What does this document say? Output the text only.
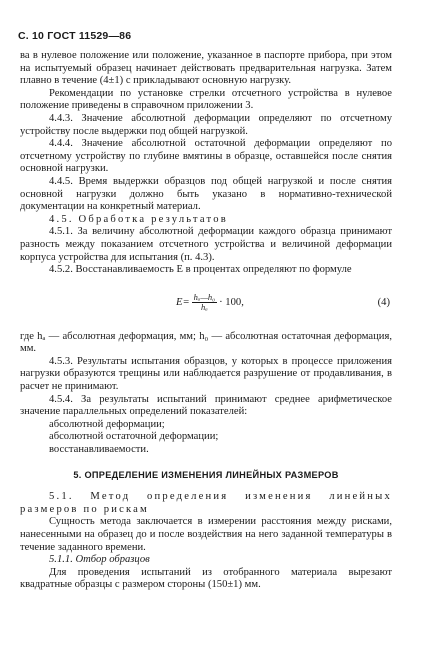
С. 10 ГОСТ 11529—86

ва в нулевое положение или положение, указанное в паспорте прибора, при этом на испытуемый образец начинает действовать предварительная нагрузка. Затем плавно в течение (4±1) с прикладывают основную нагрузку.

Рекомендации по установке стрелки отсчетного устройства в нулевое положение приведены в справочном приложении 3.

4.4.3. Значение абсолютной деформации определяют по отсчетному устройству после выдержки под общей нагрузкой.

4.4.4. Значение абсолютной остаточной деформации определяют по отсчетному устройству по глубине вмятины в образце, оставшейся после снятия основной нагрузки.

4.4.5. Время выдержки образцов под общей нагрузкой и после снятия основной нагрузки должно быть указано в нормативно-технической документации на конкретный материал.

4.5. Обработка результатов

4.5.1. За величину абсолютной деформации каждого образца принимают разность между показанием отсчетного устройства и величиной деформации корпуса устройства для испытания (п. 4.3).

4.5.2. Восстанавливаемость E в процентах определяют по формуле

$E= \frac{\text{hₐ—h₀}}{\text{hₐ}} \cdot 100$,	(4)

где hₐ — абсолютная деформация, мм; h₀ — абсолютная остаточная деформация, мм.

4.5.3. Результаты испытания образцов, у которых в процессе приложения нагрузки образуются трещины или наблюдается разрушение от продавливания, в расчет не принимают.

4.5.4. За результаты испытаний принимают среднее арифметическое значение параллельных определений показателей:

абсолютной деформации;

абсолютной остаточной деформации;

восстанавливаемости.

5. ОПРЕДЕЛЕНИЕ ИЗМЕНЕНИЯ ЛИНЕЙНЫХ РАЗМЕРОВ

5.1. Метод определения изменения линейных размеров по рискам

Сущность метода заключается в измерении расстояния между рисками, нанесенными на образец до и после воздействия на него заданной температуры в течение заданного времени.

5.1.1. Отбор образцов

Для проведения испытаний из отобранного материала вырезают квадратные образцы с размером стороны (150±1) мм.
